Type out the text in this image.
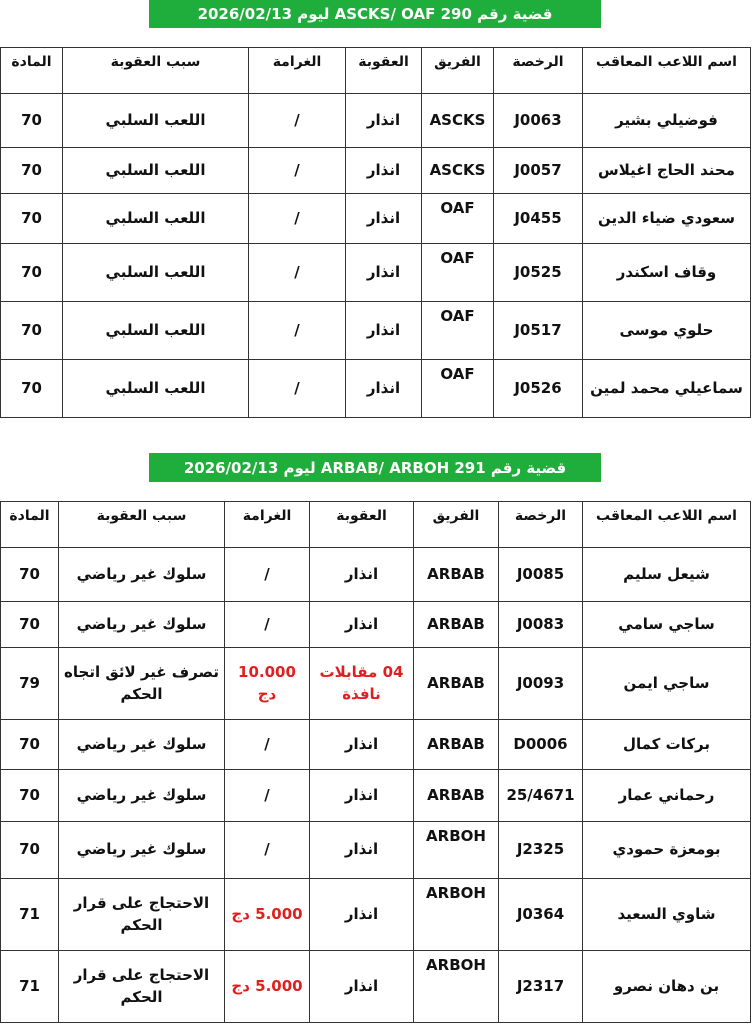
قضية رقم 290 ASCKS/ OAF ليوم 2026/02/13
اسم اللاعب المعاقب	الرخصة	الفريق	العقوبة	الغرامة	سبب العقوبة	المادة
فوضيلي بشير	J0063	ASCKS	انذار	/	اللعب السلبي	70
محند الحاج اغيلاس	J0057	ASCKS	انذار	/	اللعب السلبي	70
سعودي ضياء الدين	J0455	OAF	انذار	/	اللعب السلبي	70
وقاف اسكندر	J0525	OAF	انذار	/	اللعب السلبي	70
حلوي موسى	J0517	OAF	انذار	/	اللعب السلبي	70
سماعيلي محمد لمين	J0526	OAF	انذار	/	اللعب السلبي	70
قضية رقم 291 ARBAB/ ARBOH ليوم 2026/02/13
اسم اللاعب المعاقب	الرخصة	الفريق	العقوبة	الغرامة	سبب العقوبة	المادة
شيعل سليم	J0085	ARBAB	انذار	/	سلوك غير رياضي	70
ساجي سامي	J0083	ARBAB	انذار	/	سلوك غير رياضي	70
ساجي ايمن	J0093	ARBAB	04 مقابلات نافذة	10.000 دج	تصرف غير لائق اتجاه الحكم	79
بركات كمال	D0006	ARBAB	انذار	/	سلوك غير رياضي	70
رحماني عمار	25/4671	ARBAB	انذار	/	سلوك غير رياضي	70
بومعزة حمودي	J2325	ARBOH	انذار	/	سلوك غير رياضي	70
شاوي السعيد	J0364	ARBOH	انذار	5.000 دج	الاحتجاج على قرار الحكم	71
بن دهان نصرو	J2317	ARBOH	انذار	5.000 دج	الاحتجاج على قرار الحكم	71
